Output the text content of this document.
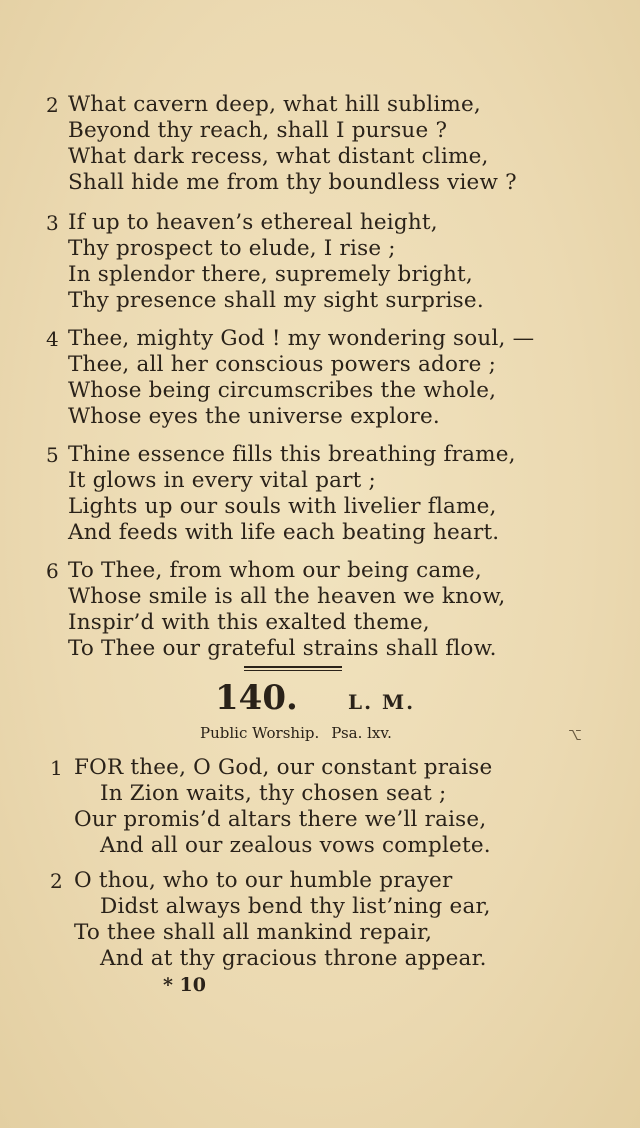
2 What cavern deep, what hill sublime,
Beyond thy reach, shall I pursue ?
What dark recess, what distant clime,
Shall hide me from thy boundless view ?
3 If up to heaven’s ethereal height,
Thy prospect to elude, I rise ;
In splendor there, supremely bright,
Thy presence shall my sight surprise.
4 Thee, mighty God ! my wondering soul, —
Thee, all her conscious powers adore ;
Whose being circumscribes the whole,
Whose eyes the universe explore.
5 Thine essence fills this breathing frame,
It glows in every vital part ;
Lights up our souls with livelier flame,
And feeds with life each beating heart.
6 To Thee, from whom our being came,
Whose smile is all the heaven we know,
Inspir’d with this exalted theme,
To Thee our grateful strains shall flow.
140.	L. M.
Public Worship. Psa. lxv.	⌥
1 FOR thee, O God, our constant praise
In Zion waits, thy chosen seat ;
Our promis’d altars there we’ll raise,
And all our zealous vows complete.
2 O thou, who to our humble prayer
Didst always bend thy list’ning ear,
To thee shall all mankind repair,
And at thy gracious throne appear.
* 10
